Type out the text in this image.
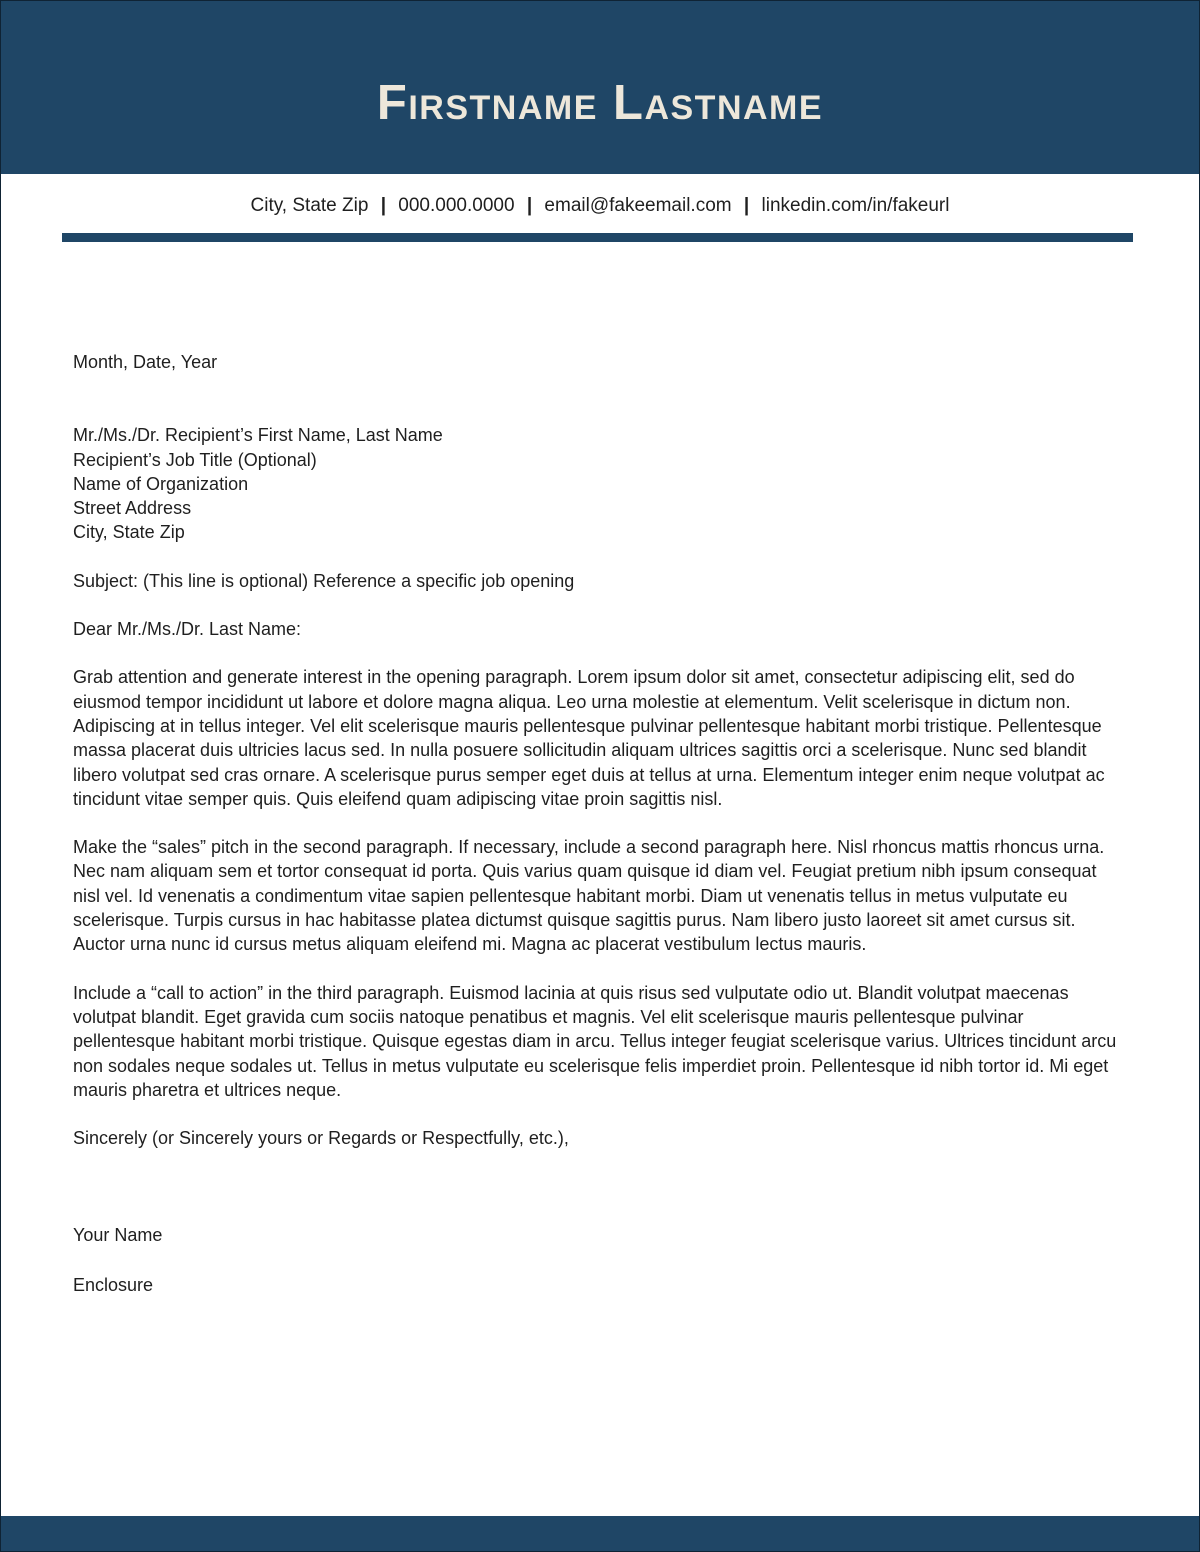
Firstname Lastname
City, State Zip | 000.000.0000 | email@fakeemail.com | linkedin.com/in/fakeurl
Month, Date, Year
Mr./Ms./Dr. Recipient’s First Name, Last Name
Recipient’s Job Title (Optional)
Name of Organization
Street Address
City, State Zip
Subject: (This line is optional) Reference a specific job opening
Dear Mr./Ms./Dr. Last Name:

Grab attention and generate interest in the opening paragraph. Lorem ipsum dolor sit amet, consectetur adipiscing elit, sed do eiusmod tempor incididunt ut labore et dolore magna aliqua. Leo urna molestie at elementum. Velit scelerisque in dictum non. Adipiscing at in tellus integer. Vel elit scelerisque mauris pellentesque pulvinar pellentesque habitant morbi tristique. Pellentesque massa placerat duis ultricies lacus sed. In nulla posuere sollicitudin aliquam ultrices sagittis orci a scelerisque. Nunc sed blandit libero volutpat sed cras ornare. A scelerisque purus semper eget duis at tellus at urna. Elementum integer enim neque volutpat ac tincidunt vitae semper quis. Quis eleifend quam adipiscing vitae proin sagittis nisl.

Make the “sales” pitch in the second paragraph. If necessary, include a second paragraph here. Nisl rhoncus mattis rhoncus urna. Nec nam aliquam sem et tortor consequat id porta. Quis varius quam quisque id diam vel. Feugiat pretium nibh ipsum consequat nisl vel. Id venenatis a condimentum vitae sapien pellentesque habitant morbi. Diam ut venenatis tellus in metus vulputate eu scelerisque. Turpis cursus in hac habitasse platea dictumst quisque sagittis purus. Nam libero justo laoreet sit amet cursus sit. Auctor urna nunc id cursus metus aliquam eleifend mi. Magna ac placerat vestibulum lectus mauris.

Include a “call to action” in the third paragraph. Euismod lacinia at quis risus sed vulputate odio ut. Blandit volutpat maecenas volutpat blandit. Eget gravida cum sociis natoque penatibus et magnis. Vel elit scelerisque mauris pellentesque pulvinar pellentesque habitant morbi tristique. Quisque egestas diam in arcu. Tellus integer feugiat scelerisque varius. Ultrices tincidunt arcu non sodales neque sodales ut. Tellus in metus vulputate eu scelerisque felis imperdiet proin. Pellentesque id nibh tortor id. Mi eget mauris pharetra et ultrices neque.

Sincerely (or Sincerely yours or Regards or Respectfully, etc.),
Your Name
Enclosure
